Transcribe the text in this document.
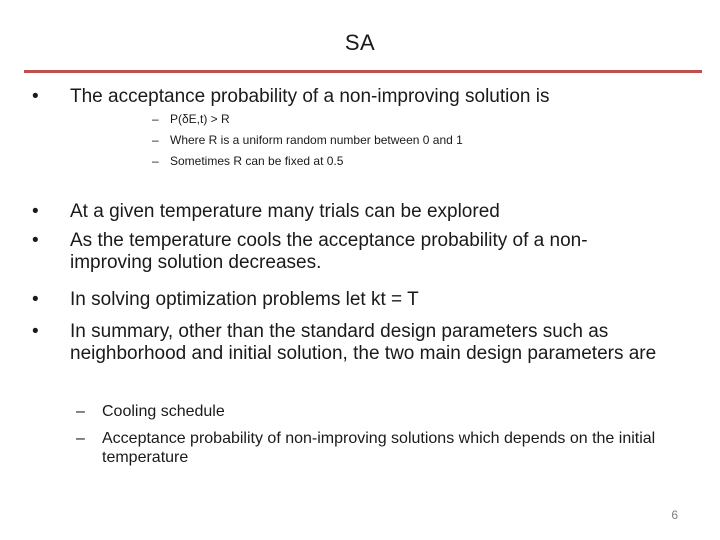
SA
• The acceptance probability of a non-improving solution is
– P(δE,t) > R
– Where R is a uniform random number between 0 and 1
– Sometimes R can be fixed at 0.5
• At a given temperature many trials can be explored
• As the temperature cools the acceptance probability of a non-improving solution decreases.
• In solving optimization problems let kt = T
• In summary, other than the standard design parameters such as neighborhood and initial solution, the two main design parameters are
– Cooling schedule
– Acceptance probability of non-improving solutions which depends on the initial temperature
6
